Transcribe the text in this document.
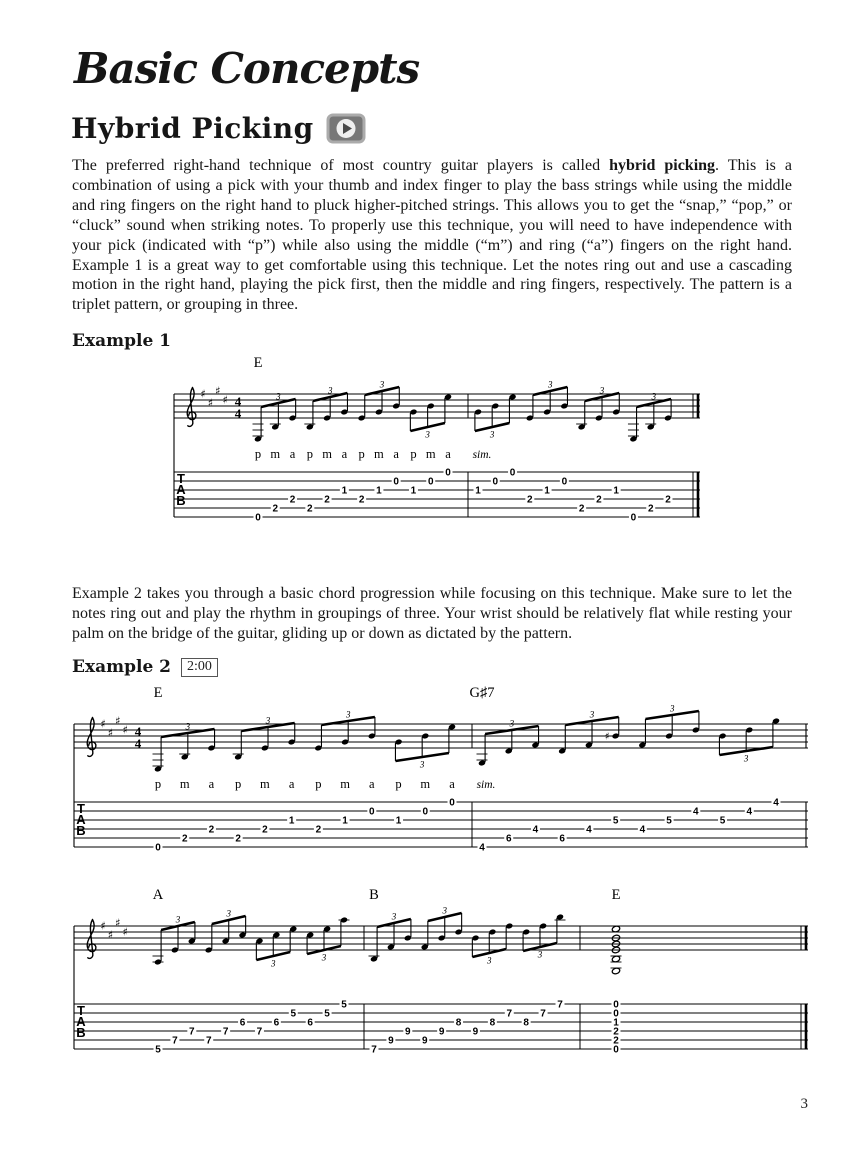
Basic Concepts
Hybrid Picking

The preferred right-hand technique of most country guitar players is called hybrid picking. This is a combination of using a pick with your thumb and index finger to play the bass strings while using the middle and ring fingers on the right hand to pluck higher-pitched strings. This allows you to get the “snap,” “pop,” or “cluck” sound when striking notes. To properly use this technique, you will need to have independence with your pick (indicated with “p”) while also using the middle (“m”) and ring (“a”) fingers on the right hand. Example 1 is a great way to get comfortable using this technique. Let the notes ring out and use a cascading motion in the right hand, playing the pick first, then the middle and ring fingers, respectively. The pattern is a triplet pattern, or grouping in three.

Example 1
♯
♯
♯
♯ 4
4
T
A
B
E
3
3
3
3
0
2
2
2
2
1
2
1
0
1
0
0
p m a p m a p m a p m a
3
3
3
3
1
0
0
2
1
0
2
2
1
0
2
2
sim.

Example 2 takes you through a basic chord progression while focusing on this technique. Make sure to let the notes ring out and play the rhythm in groupings of three. Your wrist should be relatively flat while resting your palm on the bridge of the guitar, gliding up or down as dictated by the pattern.

Example 2	2:00
♯
♯
♯
♯ 4
4
T
A
B
E
3
3
3
3
0
2
2
2
2
1
2
1
0
1
0
0
p m a p m a p m a p m a
G♯7
3
♯
3
3
3
4
6
4
6
4
5
4
5
4
5
4
4
sim.
♯
♯
♯
♯
T
A
B
A
3
3
3
3
5
7
7
7
7
6
7
6
5
6
5
5
B
3
3
3
3
7
9
9
9
9
8
9
8
7
8
7
7
E
0
2
2
1
0
0
3
